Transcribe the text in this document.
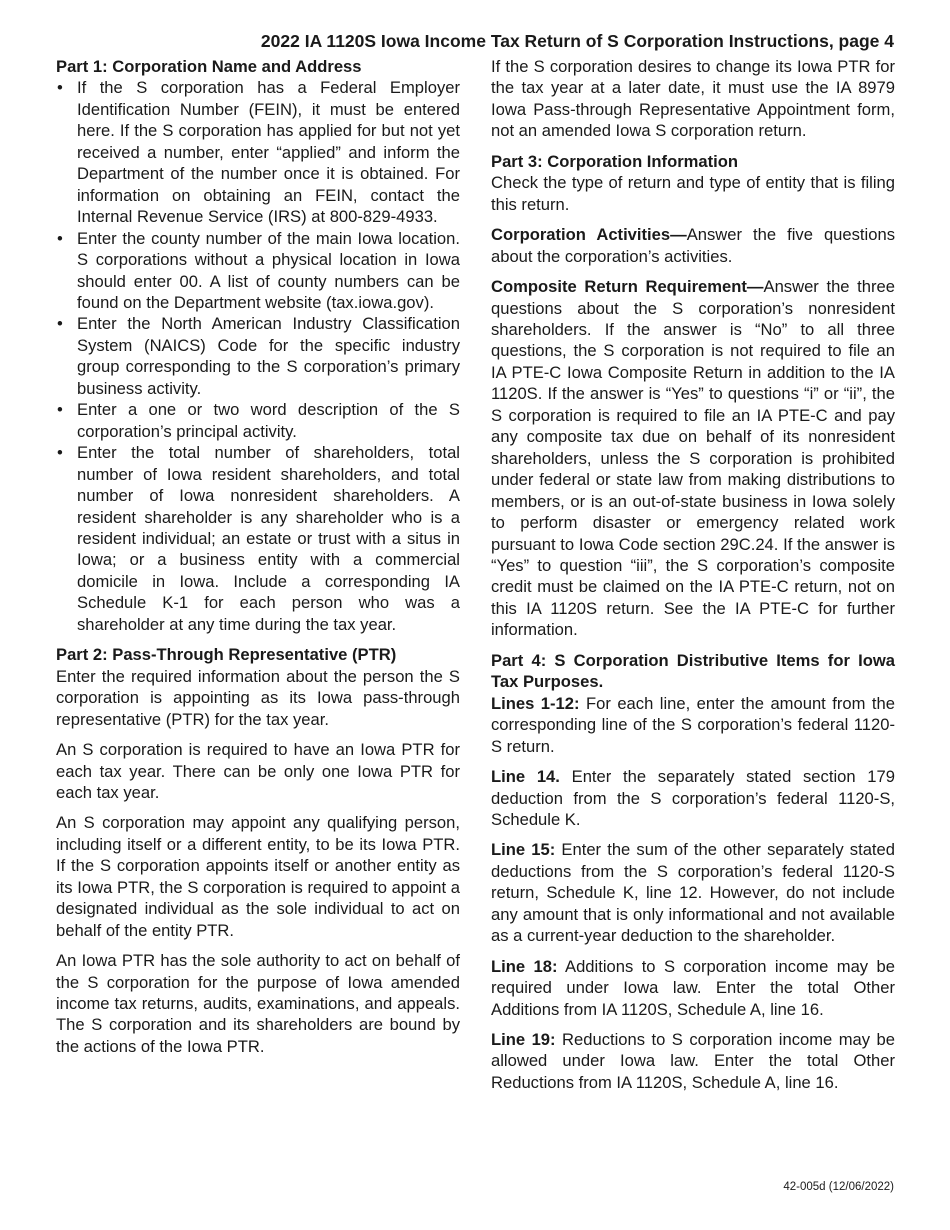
2022 IA 1120S Iowa Income Tax Return of S Corporation Instructions, page 4
Part 1: Corporation Name and Address
• If the S corporation has a Federal Employer Identification Number (FEIN), it must be entered here. If the S corporation has applied for but not yet received a number, enter “applied” and inform the Department of the number once it is obtained. For information on obtaining an FEIN, contact the Internal Revenue Service (IRS) at 800-829-4933.
• Enter the county number of the main Iowa location. S corporations without a physical location in Iowa should enter 00. A list of county numbers can be found on the Department website (tax.iowa.gov).
• Enter the North American Industry Classification System (NAICS) Code for the specific industry group corresponding to the S corporation’s primary business activity.
• Enter a one or two word description of the S corporation’s principal activity.
• Enter the total number of shareholders, total number of Iowa resident shareholders, and total number of Iowa nonresident shareholders. A resident shareholder is any shareholder who is a resident individual; an estate or trust with a situs in Iowa; or a business entity with a commercial domicile in Iowa. Include a corresponding IA Schedule K-1 for each person who was a shareholder at any time during the tax year.
Part 2: Pass-Through Representative (PTR)

Enter the required information about the person the S corporation is appointing as its Iowa pass-through representative (PTR) for the tax year.

An S corporation is required to have an Iowa PTR for each tax year. There can be only one Iowa PTR for each tax year.

An S corporation may appoint any qualifying person, including itself or a different entity, to be its Iowa PTR. If the S corporation appoints itself or another entity as its Iowa PTR, the S corporation is required to appoint a designated individual as the sole individual to act on behalf of the entity PTR.

An Iowa PTR has the sole authority to act on behalf of the S corporation for the purpose of Iowa amended income tax returns, audits, examinations, and appeals. The S corporation and its shareholders are bound by the actions of the Iowa PTR.

If the S corporation desires to change its Iowa PTR for the tax year at a later date, it must use the IA 8979 Iowa Pass-through Representative Appointment form, not an amended Iowa S corporation return.

Part 3: Corporation Information

Check the type of return and type of entity that is filing this return.

Corporation Activities—Answer the five questions about the corporation’s activities.

Composite Return Requirement—Answer the three questions about the S corporation’s nonresident shareholders. If the answer is “No” to all three questions, the S corporation is not required to file an IA PTE-C Iowa Composite Return in addition to the IA 1120S. If the answer is “Yes” to questions “i” or “ii”, the S corporation is required to file an IA PTE-C and pay any composite tax due on behalf of its nonresident shareholders, unless the S corporation is prohibited under federal or state law from making distributions to members, or is an out-of-state business in Iowa solely to perform disaster or emergency related work pursuant to Iowa Code section 29C.24. If the answer is “Yes” to question “iii”, the S corporation’s composite credit must be claimed on the IA PTE-C return, not on this IA 1120S return. See the IA PTE-C for further information.

Part 4: S Corporation Distributive Items for Iowa Tax Purposes.

Lines 1-12: For each line, enter the amount from the corresponding line of the S corporation’s federal 1120-S return.

Line 14. Enter the separately stated section 179 deduction from the S corporation’s federal 1120-S, Schedule K.

Line 15: Enter the sum of the other separately stated deductions from the S corporation’s federal 1120-S return, Schedule K, line 12. However, do not include any amount that is only informational and not available as a current-year deduction to the shareholder.

Line 18: Additions to S corporation income may be required under Iowa law. Enter the total Other Additions from IA 1120S, Schedule A, line 16.

Line 19: Reductions to S corporation income may be allowed under Iowa law. Enter the total Other Reductions from IA 1120S, Schedule A, line 16.

42-005d (12/06/2022)
